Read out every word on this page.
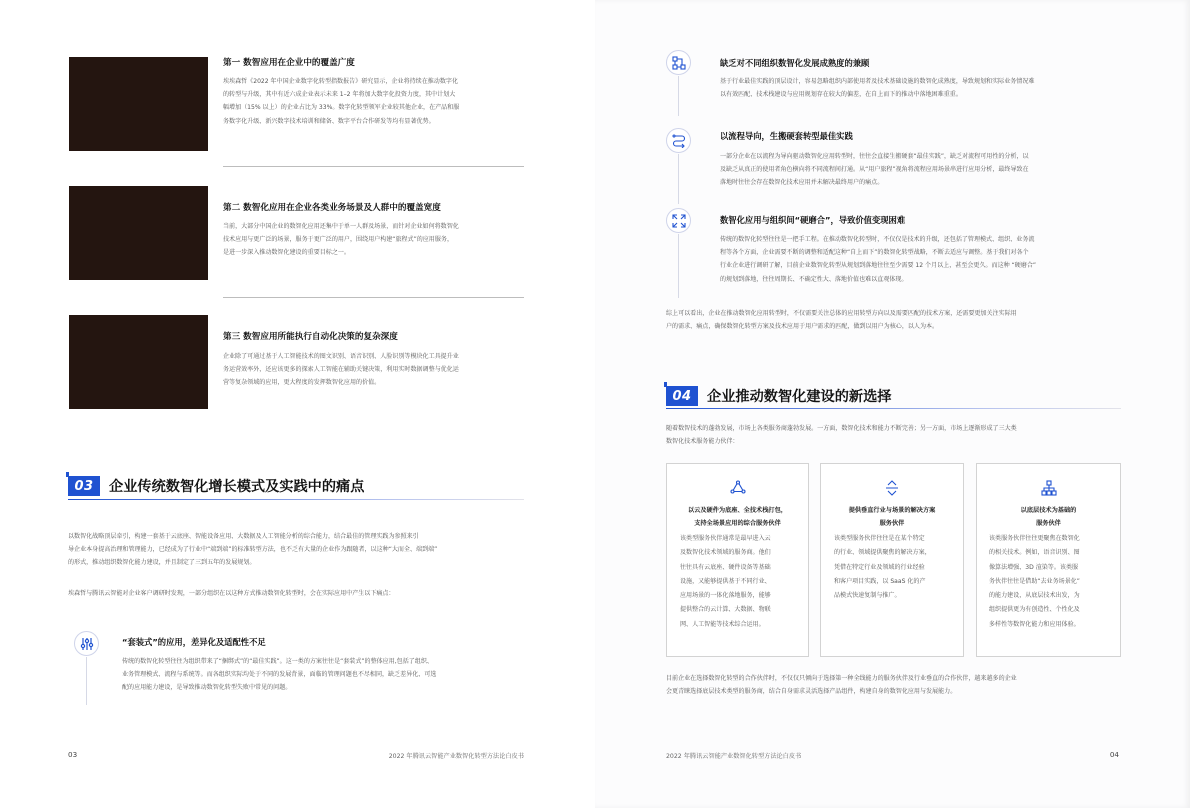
第一 数智应用在企业中的覆盖广度
埃埃森哲《2022 年中国企业数字化转型指数报告》研究显示，企业将持续在推动数字化
的转型与升级，其中有近六成企业表示未来 1–2 年将加大数字化投资力度，其中计划大
幅增加（15% 以上）的企业占比为 33%。数字化转型领军企业较其他企业，在产品和服
务数字化升级、新兴数字技术培训和储备、数字平台合作研发等均有显著优势。
第二 数智化应用在企业各类业务场景及人群中的覆盖宽度
当前，大部分中国企业的数智化应用还集中于单一人群及场景，而针对企业如何将数智化
技术应用与更广泛的场景，服务于更广泛的用户，围绕用户构建“旅程式”的应用服务，
是进一步深入推动数智化建设的重要目标之一。
第三 数智应用所能执行自动化决策的复杂深度
企业除了可通过基于人工智能技术的图文识别、语音识别、人脸识别等模块化工具提升业
务运营效率外，还应该更多的探索人工智能在辅助关键决策，利用实时数据调整与优化运
营等复杂领域的应用，更大程度的发挥数智化应用的价值。
03	企业传统数智化增长模式及实践中的痛点
以数智化战略顶层牵引，构建一套基于云底座、智能设备应用、大数据及人工智能分析的综合能力，结合最佳的管理实践为参照来引
导企业本身提高治理和管理能力，已经成为了行业中“端到端”的标准转型方法，也不乏有大量的企业作为跟随者，以这种“大而全、端到端”
的形式，推动组织数智化能力建设，并且制定了三到五年的发展规划。
埃森哲与腾讯云智能对企业客户调研时发现，一部分组织在以这种方式推动数智化转型时，会在实际应用中产生以下痛点：
“套装式”的应用，差异化及适配性不足
传统的数智化转型往往为组织带来了“捆绑式”的“最佳实践”。这一类的方案往往是“套装式”的整体应用,包括了组织、
业务管理模式、流程与系统等。而各组织实际均处于不同的发展背景，面临的管理问题也不尽相同，缺乏差异化、可选
配的应用能力建设，是导致推动数智化转型失败中常见的问题。
03	2022 年腾讯云智能产业数智化转型方法论白皮书
缺乏对不同组织数智化发展成熟度的兼顾
基于行业最佳实践的顶层设计，容易忽略组织内部使用者及技术基础设施的数智化成熟度，导致规划和实际业务情况难
以有效匹配、技术栈建设与应用规划存在较大的偏差，在自上而下的推动中落地困难重重。
以流程导向，生搬硬套转型最佳实践
一部分企业在以流程为导向驱动数智化应用转型时，往往会直接生搬硬套“最佳实践”，缺乏对流程可用性的分析，以
及缺乏从真正的使用者角色横向将不同流程间打通。从“用户旅程”视角将流程应用场景串进行应用分析，最终导致在
落地时往往会存在数智化技术应用并未解决最终用户的痛点。
数智化应用与组织间“硬磨合”，导致价值变现困难
传统的数智化转型往往是一把手工程。在推动数智化转型时，不仅仅是技术的升级，还包括了管理模式、组织、业务流
程等各个方面，企业需要不断的调整和适配这种“自上而下”的数智化转型战略，不断去适应与调整。基于我们对各个
行业企业进行调研了解，目前企业数智化转型从规划到落地往往至少需要 12 个月以上，甚至会更久。而这种 “硬磨合”
的规划到落地，往往周期长、不确定性大、落地价值也难以直观体现。
综上可以看出，企业在推动数智化应用转型时，不仅需要关注总体的应用转型方向以及需要匹配的技术方案，还需要更加关注实际用
户的需求、痛点，确保数智化转型方案及技术应用于用户需求的匹配，做到以用户为核心，以人为本。
04	企业推动数智化建设的新选择
随着数智技术的蓬勃发展，市场上各类服务商蓬勃发展。一方面，数智化技术和能力不断完善；另一方面，市场上逐渐形成了三大类
数智化技术服务能力伙伴：
以云及硬件为底座、全技术栈打包，
支持全场景应用的综合服务伙伴
该类型服务伙伴通常是最早进入云
及数智化技术领域的服务商。他们
往往具有云底座、硬件设备等基础
设施，又能够提供基于不同行业、
应用场景的一体化落地服务，能够
提供整合的云计算、大数据、物联
网、人工智能等技术综合运用。
提供垂直行业与场景的解决方案
服务伙伴
该类型服务伙伴往往是在某个特定
的行业、领域提供聚焦的解决方案，
凭借在特定行业及领域的行业经验
和客户项目实践，以 SaaS 化的产
品模式快速复制与推广。
以底层技术为基础的
服务伙伴
该类服务伙伴往往更聚焦在数智化
的相关技术。例如，语音识别、图
像算法增强、3D 渲染等。该类服
务伙伴往往是借助“去业务场景化”
的能力建设，从底层技术出发，为
组织提供更为有创造性、个性化及
多样性等数智化能力和应用体验。
目前企业在选择数智化转型的合作伙伴时，不仅仅只倾向于选择第一种全线能力的服务伙伴及行业垂直的合作伙伴，越来越多的企业
会更青睐选择底层技术类型的服务商，结合自身需求灵活选择产品组件，构建自身的数智化应用与发展能力。
2022 年腾讯云智能产业数智化转型方法论白皮书	04
